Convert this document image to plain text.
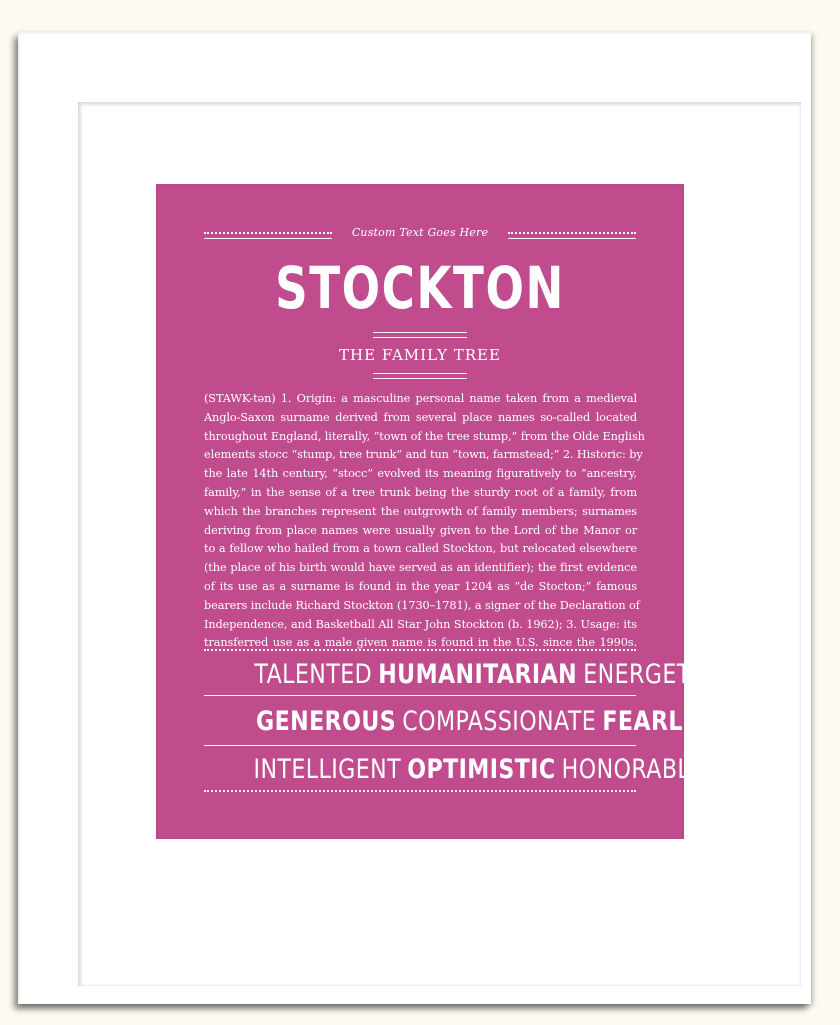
Custom Text Goes Here
STOCKTON
THE FAMILY TREE
(STAWK-tən) 1. Origin: a masculine personal name taken from a medieval
Anglo-Saxon surname derived from several place names so-called located
throughout England, literally, “town of the tree stump,” from the Olde English
elements stocc “stump, tree trunk” and tun “town, farmstead;” 2. Historic: by
the late 14th century, “stocc” evolved its meaning figuratively to “ancestry,
family,” in the sense of a tree trunk being the sturdy root of a family, from
which the branches represent the outgrowth of family members; surnames
deriving from place names were usually given to the Lord of the Manor or
to a fellow who hailed from a town called Stockton, but relocated elsewhere
(the place of his birth would have served as an identifier); the first evidence
of its use as a surname is found in the year 1204 as “de Stocton;” famous
bearers include Richard Stockton (1730–1781), a signer of the Declaration of
Independence, and Basketball All Star John Stockton (b. 1962); 3. Usage: its
transferred use as a male given name is found in the U.S. since the 1990s.
TALENTED HUMANITARIAN ENERGETIC
GENEROUS COMPASSIONATE FEARLESS
INTELLIGENT OPTIMISTIC HONORABLE
